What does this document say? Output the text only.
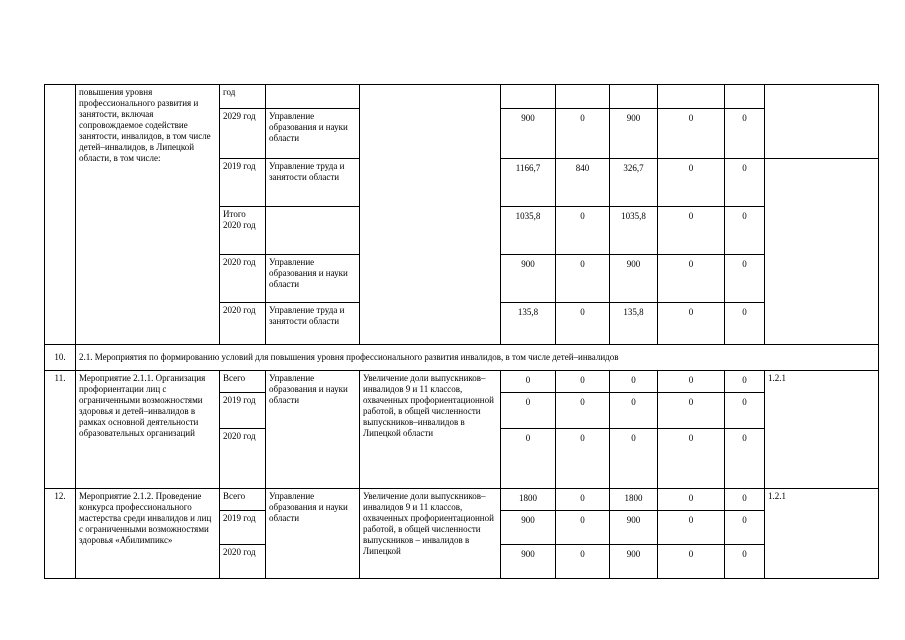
	повышения уровня профессионального развития и занятости, включая сопровождаемое содействие занятости, инвалидов, в том числе детей–инвалидов, в Липецкой области, в том числе:	год								
		2029 год	Управление образования и науки области		900	0	900	0	0	
		2019 год	Управление труда и занятости области		1166,7	840	326,7	0	0	
		Итого 2020 год			1035,8	0	1035,8	0	0	
		2020 год	Управление образования и науки области		900	0	900	0	0	
		2020 год	Управление труда и занятости области		135,8	0	135,8	0	0	
10.	2.1. Мероприятия по формированию условий для повышения уровня профессионального развития инвалидов, в том числе детей–инвалидов									
11.	Мероприятие 2.1.1. Организация профориентации лиц с ограниченными возможностями здоровья и детей–инвалидов в рамках основной деятельности образовательных организаций	Всего	Управление образования и науки области	Увеличение доли выпускников–инвалидов 9 и 11 классов, охваченных профориентационной работой, в общей численности выпускников–инвалидов в Липецкой области	0	0	0	0	0	1.2.1
		2019 год			0	0	0	0	0	
		2020 год			0	0	0	0	0	
12.	Мероприятие 2.1.2. Проведение конкурса профессионального мастерства среди инвалидов и лиц с ограниченными возможностями здоровья «Абилимпикс»	Всего	Управление образования и науки области	Увеличение доли выпускников–инвалидов 9 и 11 классов, охваченных профориентационной работой, в общей численности выпускников – инвалидов в Липецкой	1800	0	1800	0	0	1.2.1
		2019 год			900	0	900	0	0	
		2020 год			900	0	900	0	0	
